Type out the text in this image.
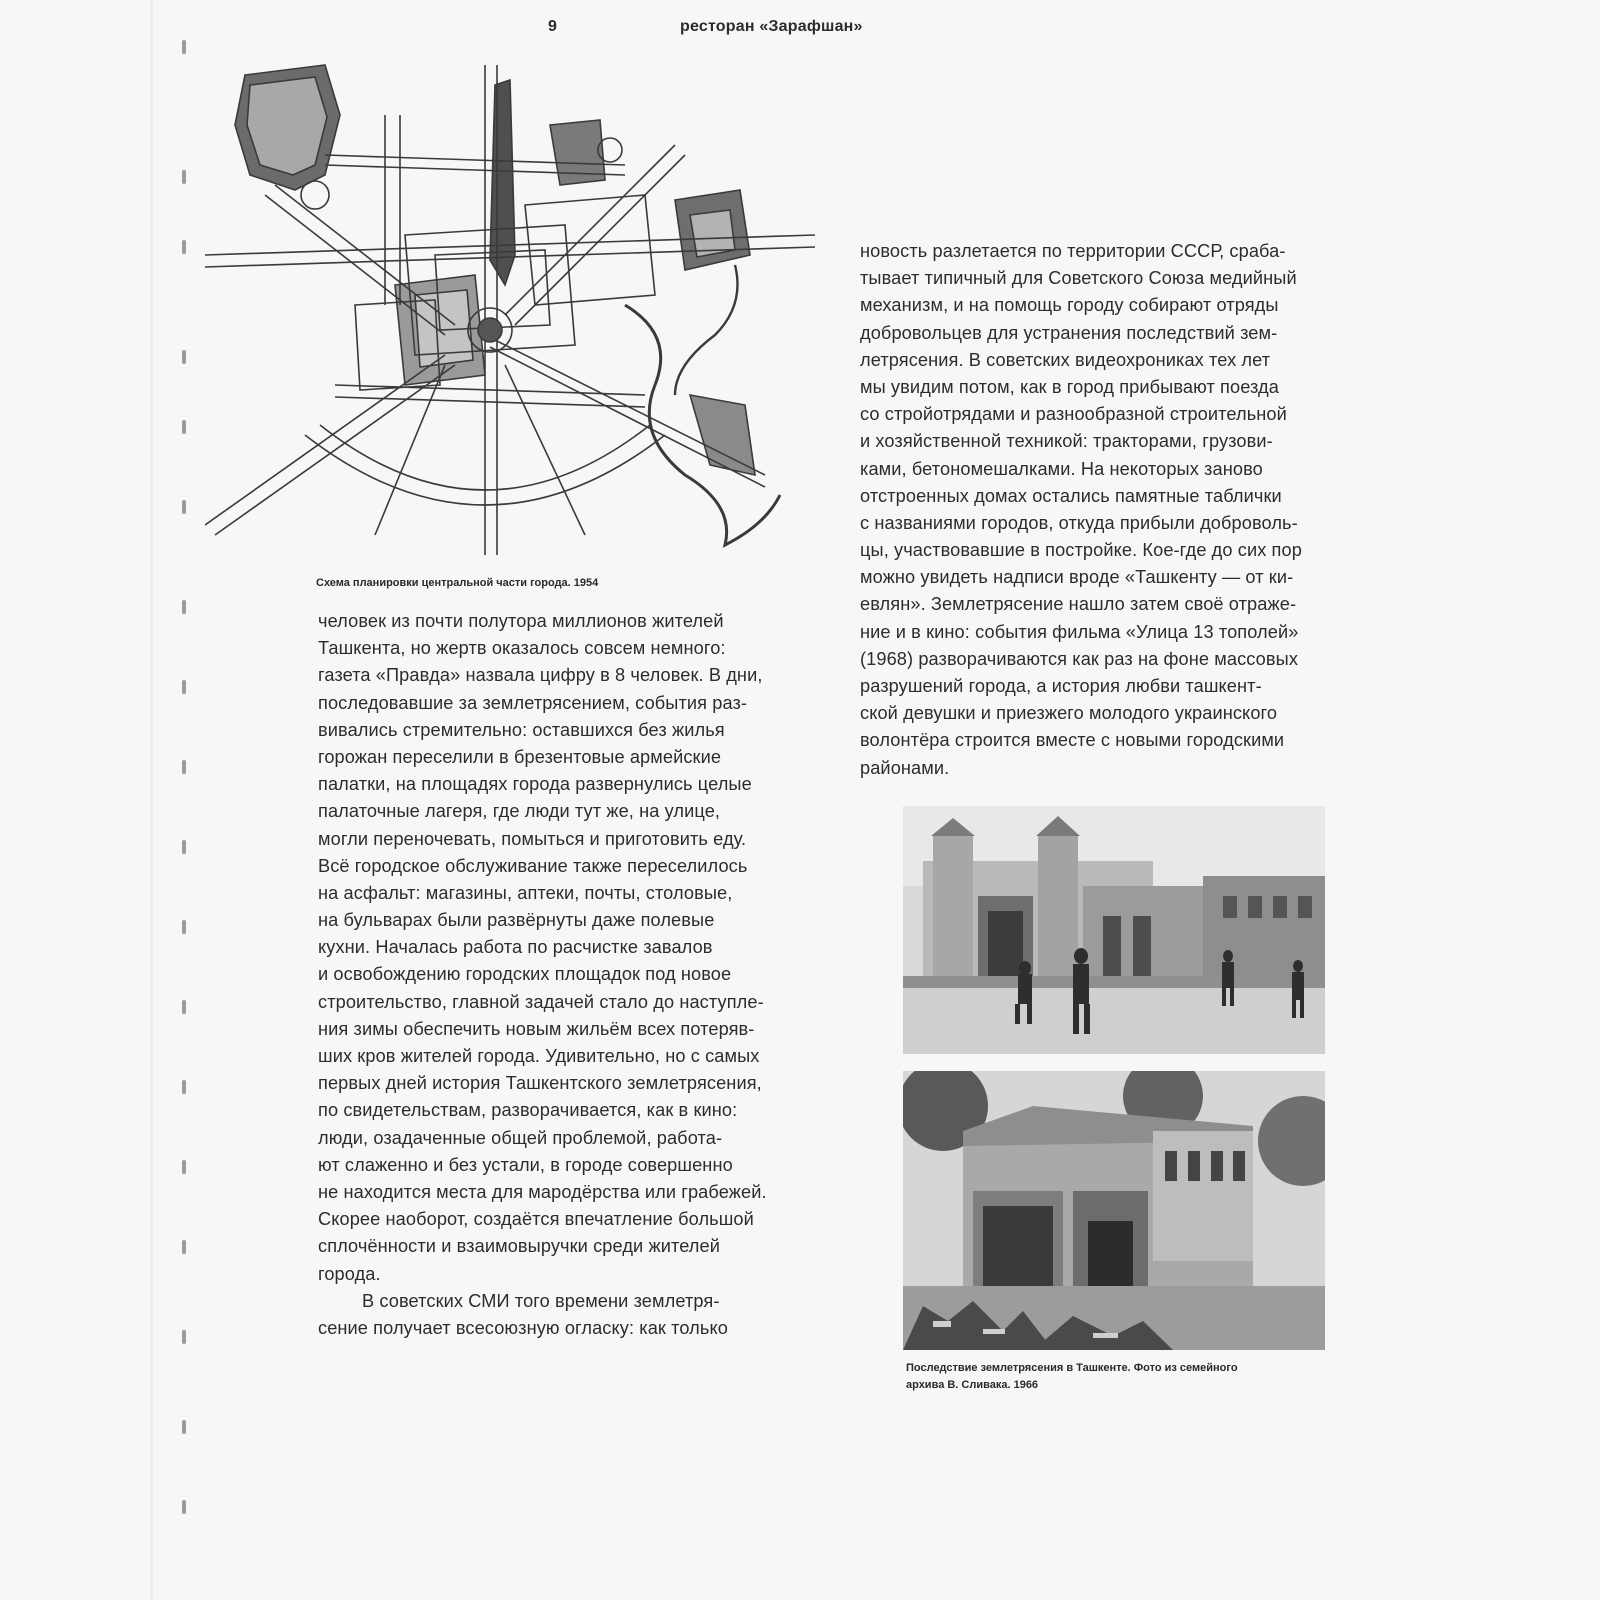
9	ресторан «Зарафшан»
Схема планировки центральной части города. 1954
человек из почти полутора миллионов жителей
Ташкента, но жертв оказалось совсем немного:
газета «Правда» назвала цифру в 8 человек. В дни,
последовавшие за землетрясением, события раз-
вивались стремительно: оставшихся без жилья
горожан переселили в брезентовые армейские
палатки, на площадях города развернулись целые
палаточные лагеря, где люди тут же, на улице,
могли переночевать, помыться и приготовить еду.
Всё городское обслуживание также переселилось
на асфальт: магазины, аптеки, почты, столовые,
на бульварах были развёрнуты даже полевые
кухни. Началась работа по расчистке завалов
и освобождению городских площадок под новое
строительство, главной задачей стало до наступле-
ния зимы обеспечить новым жильём всех потеряв-
ших кров жителей города. Удивительно, но с самых
первых дней история Ташкентского землетрясения,
по свидетельствам, разворачивается, как в кино:
люди, озадаченные общей проблемой, работа-
ют слаженно и без устали, в городе совершенно
не находится места для мародёрства или грабежей.
Скорее наоборот, создаётся впечатление большой
сплочённости и взаимовыручки среди жителей
города.
В советских СМИ того времени землетря-
сение получает всесоюзную огласку: как только
новость разлетается по территории СССР, сраба-
тывает типичный для Советского Союза медийный
механизм, и на помощь городу собирают отряды
добровольцев для устранения последствий зем-
летрясения. В советских видеохрониках тех лет
мы увидим потом, как в город прибывают поезда
со стройотрядами и разнообразной строительной
и хозяйственной техникой: тракторами, грузови-
ками, бетономешалками. На некоторых заново
отстроенных домах остались памятные таблички
с названиями городов, откуда прибыли доброволь-
цы, участвовавшие в постройке. Кое-где до сих пор
можно увидеть надписи вроде «Ташкенту — от ки-
евлян». Землетрясение нашло затем своё отраже-
ние и в кино: события фильма «Улица 13 тополей»
(1968) разворачиваются как раз на фоне массовых
разрушений города, а история любви ташкент-
ской девушки и приезжего молодого украинского
волонтёра строится вместе с новыми городскими
районами.
Последствие землетрясения в Ташкенте. Фото из семейного
архива В. Сливака. 1966
